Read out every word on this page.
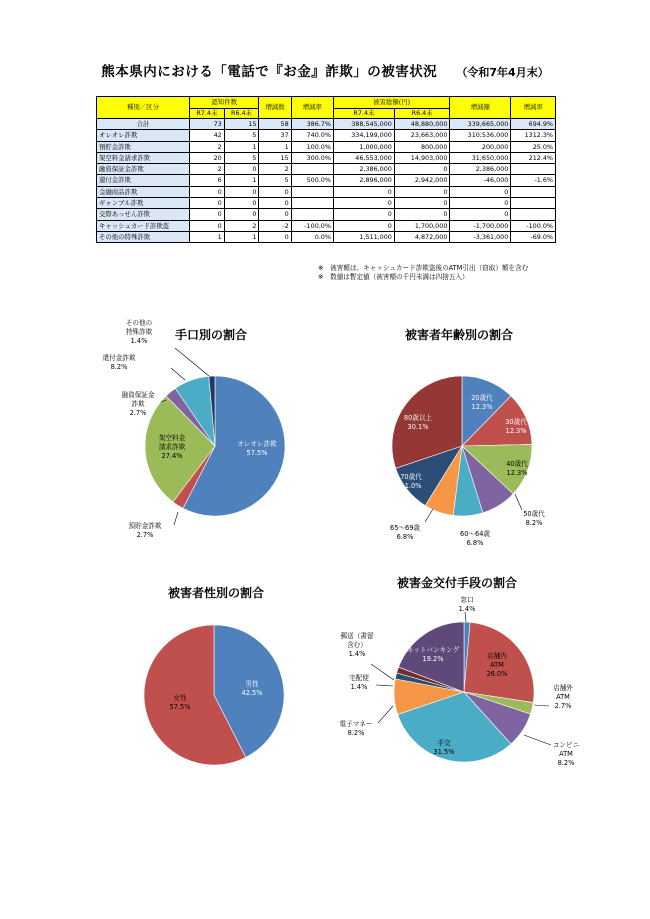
熊本県内における「電話で『お金』詐欺」の被害状況 （令和7年4月末）
種別／区分	認知件数		増減数	増減率	被害総額(円)		増減額	増減率
	R7.4末	R6.4末			R7.4末	R6.4末		
合計	73	15	58	386.7%	388,545,000	48,880,000	339,665,000	694.9%
オレオレ詐欺	42	5	37	740.0%	334,199,000	23,663,000	310,536,000	1312.3%
預貯金詐欺	2	1	1	100.0%	1,000,000	800,000	200,000	25.0%
架空料金請求詐欺	20	5	15	300.0%	46,553,000	14,903,000	31,650,000	212.4%
融資保証金詐欺	2	0	2		2,386,000	0	2,386,000	
還付金詐欺	6	1	5	500.0%	2,896,000	2,942,000	-46,000	-1.6%
金融商品詐欺	0	0	0		0	0	0	
ギャンブル詐欺	0	0	0		0	0	0	
交際あっせん詐欺	0	0	0		0	0	0	
キャッシュカード詐欺盗	0	2	-2	-100.0%	0	1,700,000	-1,700,000	-100.0%
その他の特殊詐欺	1	1	0	0.0%	1,511,000	4,872,000	-3,361,000	-69.0%
※　被害額は、キャッシュカード詐欺盗後のATM引出（窃取）額を含む
※　数値は暫定値（被害額の千円未満は四捨五入）
手口別の割合	被害者年齢別の割合
被害者性別の割合
被害金交付手段の割合
オレオレ詐欺
57.5%
預貯金詐欺
2.7%
架空料金
請求詐欺
27.4%
融資保証金
詐欺
2.7%
還付金詐欺
8.2%
その他の
特殊詐欺
1.4%
20歳代
12.3%
30歳代
12.3%
40歳代
12.3%
50歳代
8.2%
60～64歳
6.8%
65～69歳
6.8%
70歳代
11.0%
80歳以上
30.1%
男性
42.5%
女性
57.5%
窓口
1.4%
店舗内
ATM
26.0%
店舗外
ATM
2.7%
コンビニ
ATM
8.2%
手交
31.5%
電子マネー
8.2%
宅配便
1.4%
郵送（書留
含む）
1.4%	ネットバンキング
19.2%
